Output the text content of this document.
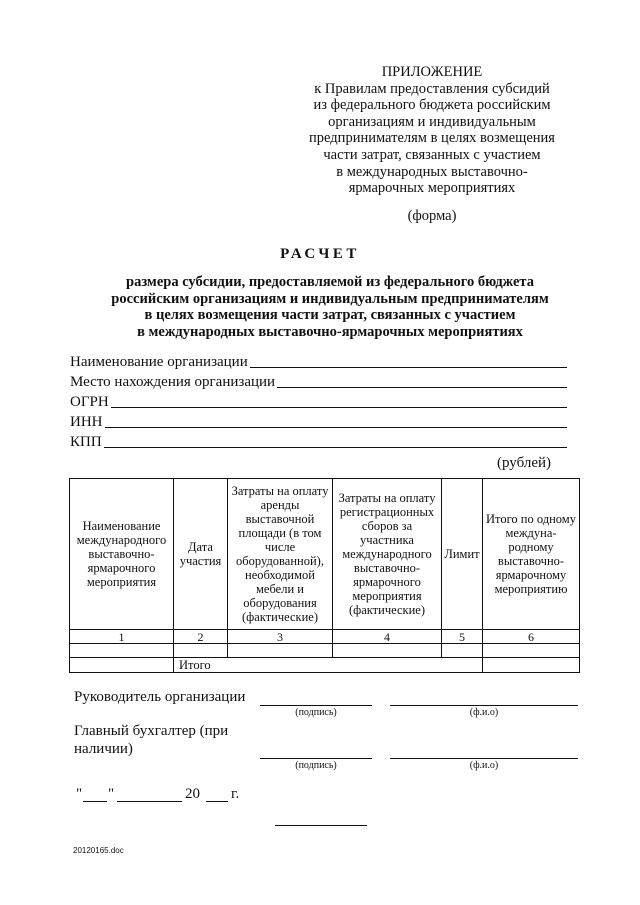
ПРИЛОЖЕНИЕ
к Правилам предоставления субсидий
из федерального бюджета российским
организациям и индивидуальным
предпринимателям в целях возмещения
части затрат, связанных с участием
в международных выставочно-
ярмарочных мероприятиях
(форма)
РАСЧЕТ
размера субсидии, предоставляемой из федерального бюджета
российским организациям и индивидуальным предпринимателям
в целях возмещения части затрат, связанных с участием
в международных выставочно-ярмарочных мероприятиях
Наименование организации
Место нахождения организации
ОГРН
ИНН
КПП
(рублей)
Наименование международного выставочно-ярмарочного мероприятия	Дата участия	Затраты на оплату аренды выставочной площади (в том числе оборудованной), необходимой мебели и оборудования (фактические)	Затраты на оплату регистрационных сборов за участника международного выставочно-ярмарочного мероприятия (фактические)	Лимит	Итого по одному междуна-родному выставочно-ярмарочному мероприятию
1	2	3	4	5	6

	Итого				
Руководитель организации
(подпись)	(ф.и.о)
Главный бухгалтер (при
наличии)
(подпись)	(ф.и.о)
" "	20 г.
20120165.doc
